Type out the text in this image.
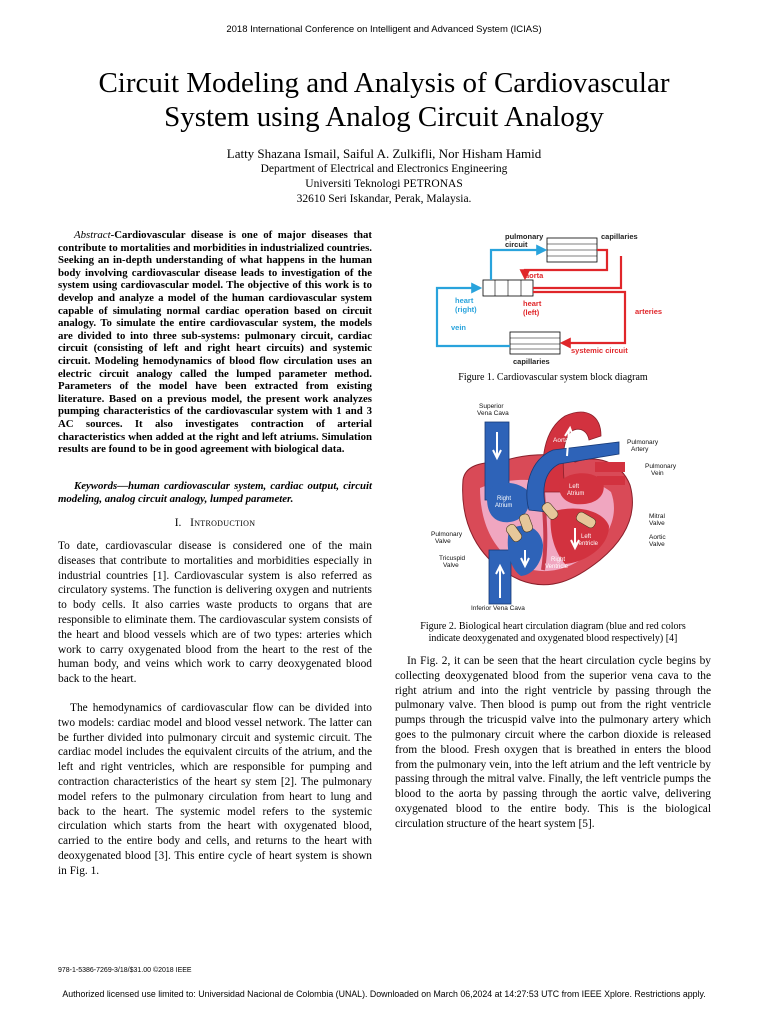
2018 International Conference on Intelligent and Advanced System (ICIAS)
Circuit Modeling and Analysis of Cardiovascular
System using Analog Circuit Analogy
Latty Shazana Ismail, Saiful A. Zulkifli, Nor Hisham Hamid
Department of Electrical and Electronics Engineering
Universiti Teknologi PETRONAS
32610 Seri Iskandar, Perak, Malaysia.
Abstract-Cardiovascular disease is one of major diseases that contribute to mortalities and morbidities in industrialized countries. Seeking an in-depth understanding of what happens in the human body involving cardiovascular disease leads to investigation of the system using cardiovascular model. The objective of this work is to develop and analyze a model of the human cardiovascular system capable of simulating normal cardiac operation based on circuit analogy. To simulate the entire cardiovascular system, the models are divided to into three sub-systems: pulmonary circuit, cardiac circuit (consisting of left and right heart circuits) and systemic circuit. Modeling hemodynamics of blood flow circulation uses an electric circuit analogy called the lumped parameter method. Parameters of the model have been extracted from existing literature. Based on a previous model, the present work analyzes pumping characteristics of the cardiovascular system with 1 and 3 AC sources. It also investigates contraction of arterial characteristics when added at the right and left atriums. Simulation results are found to be in good agreement with biological data.
Keywords—human cardiovascular system, cardiac output, circuit modeling, analog circuit analogy, lumped parameter.
I. Introduction
To date, cardiovascular disease is considered one of the main diseases that contribute to mortalities and morbidities especially in industrial countries [1]. Cardiovascular system is also referred as circulatory systems. The function is delivering oxygen and nutrients to body cells. It also carries waste products to organs that are responsible to eliminate them. The cardiovascular system consists of the heart and blood vessels which are of two types: arteries which work to carry oxygenated blood from the heart to the rest of the human body, and veins which work to carry deoxygenated blood back to the heart.
The hemodynamics of cardiovascular flow can be divided into two models: cardiac model and blood vessel network. The latter can be further divided into pulmonary circuit and systemic circuit. The cardiac model includes the equivalent circuits of the atrium, and the left and right ventricles, which are responsible for pumping and contraction characteristics of the heart sy stem [2]. The pulmonary model refers to the pulmonary circulation from heart to lung and back to the heart. The systemic model refers to the systemic circulation which starts from the heart with oxygenated blood, carried to the entire body and cells, and returns to the heart with deoxygenated blood [3]. This entire cycle of heart system is shown in Fig. 1.
pulmonary
circuit
capillaries
aorta
heart
(right)
heart
(left)	arteries
vein
systemic circuit
capillaries
Figure 1. Cardiovascular system block diagram
Superior
Vena Cava
Aorta	Pulmonary
Artery
Pulmonary
Vein
Left
Atrium
Right
Atrium
Pulmonary
Valve
Mitral
Valve
Aortic
Valve
Tricuspid
Valve
Left
Ventricle
Right
Ventricle
Inferior Vena Cava
Figure 2. Biological heart circulation diagram (blue and red colors
indicate deoxygenated and oxygenated blood respectively) [4]
In Fig. 2, it can be seen that the heart circulation cycle begins by collecting deoxygenated blood from the superior vena cava to the right atrium and into the right ventricle by passing through the pulmonary valve. Then blood is pump out from the right ventricle pumps through the tricuspid valve into the pulmonary artery which goes to the pulmonary circuit where the carbon dioxide is released from the blood. Fresh oxygen that is breathed in enters the blood from the pulmonary vein, into the left atrium and the left ventricle by passing through the mitral valve. Finally, the left ventricle pumps the blood to the aorta by passing through the aortic valve, delivering oxygenated blood to the entire body. This is the biological circulation structure of the heart system [5].
978-1-5386-7269-3/18/$31.00 ©2018 IEEE
Authorized licensed use limited to: Universidad Nacional de Colombia (UNAL). Downloaded on March 06,2024 at 14:27:53 UTC from IEEE Xplore. Restrictions apply.
